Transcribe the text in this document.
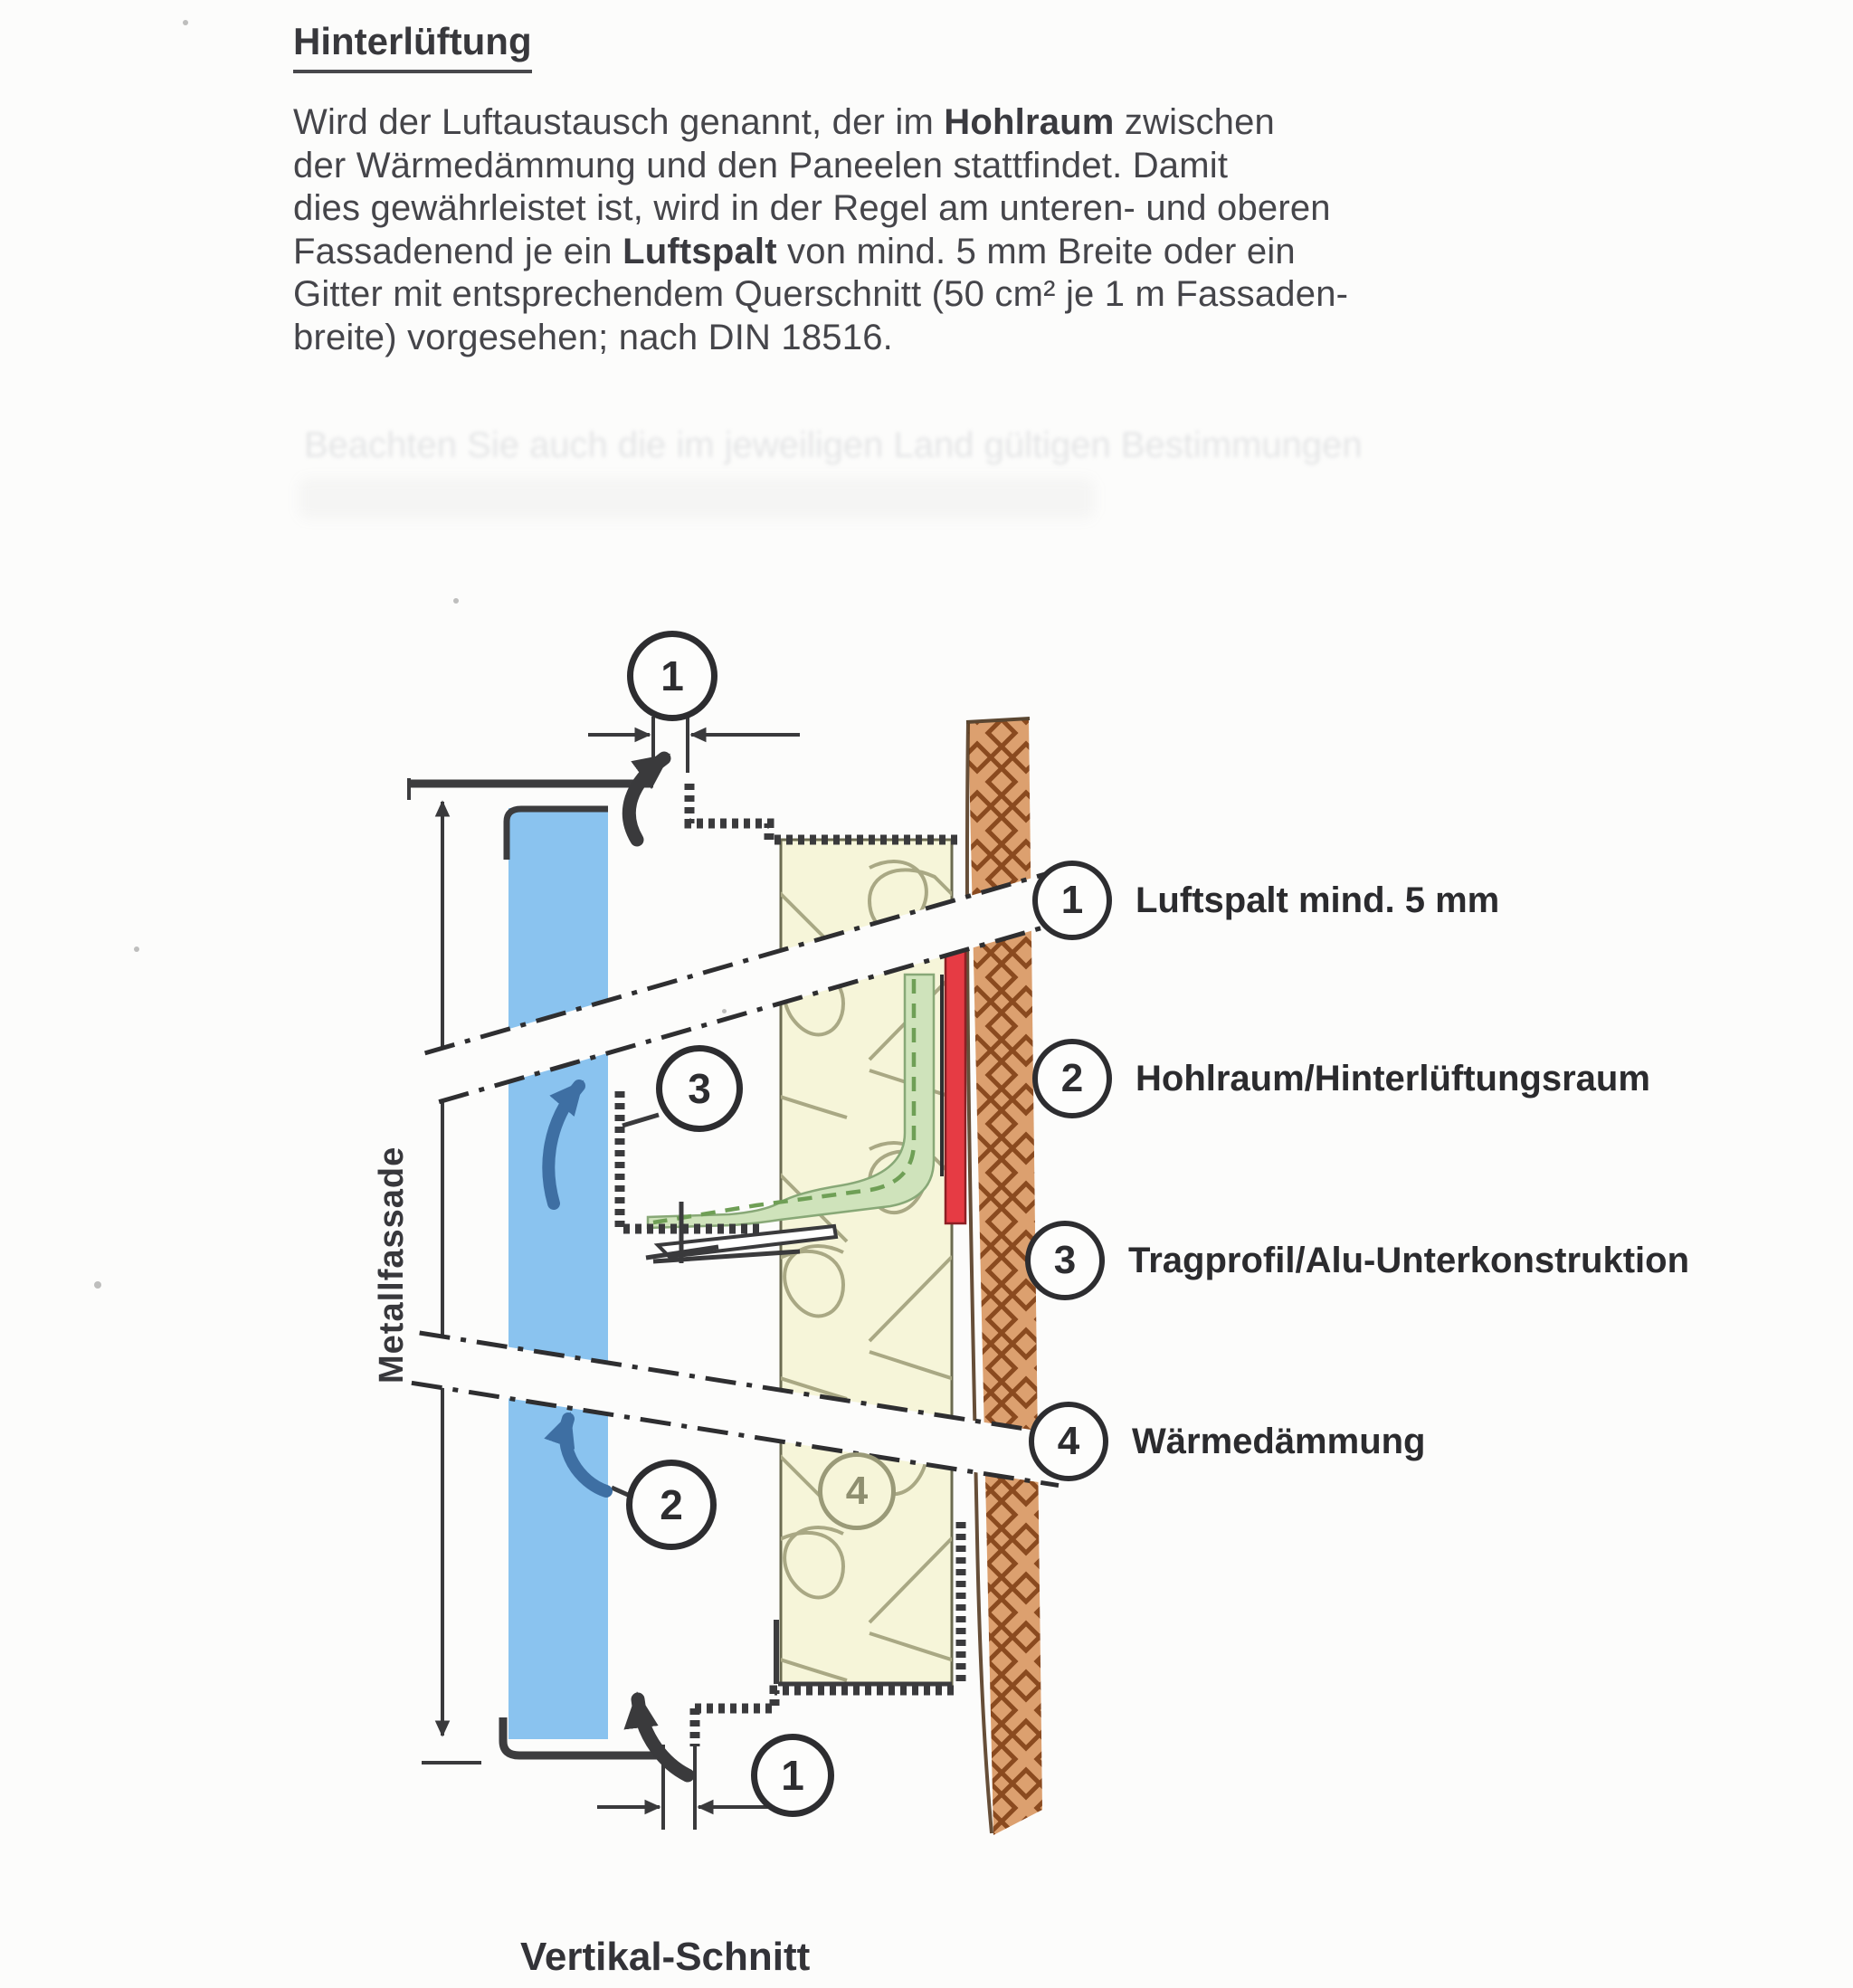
Hinterlüftung
Wird der Luftaustausch genannt, der im Hohlraum zwischen
der Wärmedämmung und den Paneelen stattfindet. Damit
dies gewährleistet ist, wird in der Regel am unteren- und oberen
Fassadenend je ein Luftspalt von mind. 5 mm Breite oder ein
Gitter mit entsprechendem Querschnitt (50 cm² je 1 m Fassaden-
breite) vorgesehen; nach DIN 18516.
Beachten Sie auch die im jeweiligen Land gültigen Bestimmungen
1
3
2	4
1
Metallfassade
1 Luftspalt mind. 5 mm
2 Hohlraum/Hinterlüftungsraum
3 Tragprofil/Alu-Unterkonstruktion
4 Wärmedämmung
Vertikal-Schnitt
